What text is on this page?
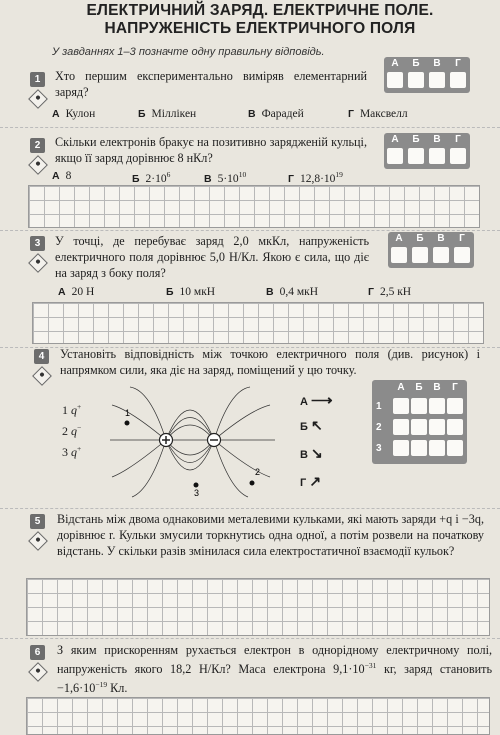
ЕЛЕКТРИЧНИЙ ЗАРЯД. ЕЛЕКТРИЧНЕ ПОЛЕ.
НАПРУЖЕНІСТЬ ЕЛЕКТРИЧНОГО ПОЛЯ
У завданнях 1–3 позначте одну правильну відповідь.
1	Хто першим експериментально виміряв елементарний заряд?
А	Б	В	Г
А Кулон	Б Міллікен	В Фарадей	Г Максвелл
2	Скільки електронів бракує на позитивно зарядженій кульці, якщо її заряд дорівнює 8 нКл?
А	Б	В	Г
А 8	Б $2\cdot 10^6$	В $5\cdot 10^{10}$	Г $12,8\cdot 10^{19}$
3	У точці, де перебуває заряд 2,0 мкКл, напруженість електричного поля дорівнює 5,0 Н/Кл. Якою є сила, що діє на заряд з боку поля?
А	Б	В	Г
А 20 Н	Б 10 мкН	В 0,4 мкН	Г 2,5 кН
4	Установіть відповідність між точкою електричного поля (див. рисунок) і напрямком сили, яка діє на заряд, поміщений у цю точку.
1 q+
2 q−
3 q+
1
2
3
А ⟶
Б ↖
В ↘
Г ↗
А	Б	В	Г
1
2
3
5	Відстань між двома однаковими металевими кульками, які мають заряди +q і −3q, дорівнює r. Кульки змусили торкнутись одна одної, а потім розвели на початкову відстань. У скільки разів змінилася сила електростатичної взаємодії кульок?
6	З яким прискоренням рухається електрон в однорідному електричному полі, напруженість якого 18,2 Н/Кл? Маса електрона $9,1\cdot 10^{-31}$ кг, заряд становить $-1,6\cdot 10^{-19}$ Кл.
